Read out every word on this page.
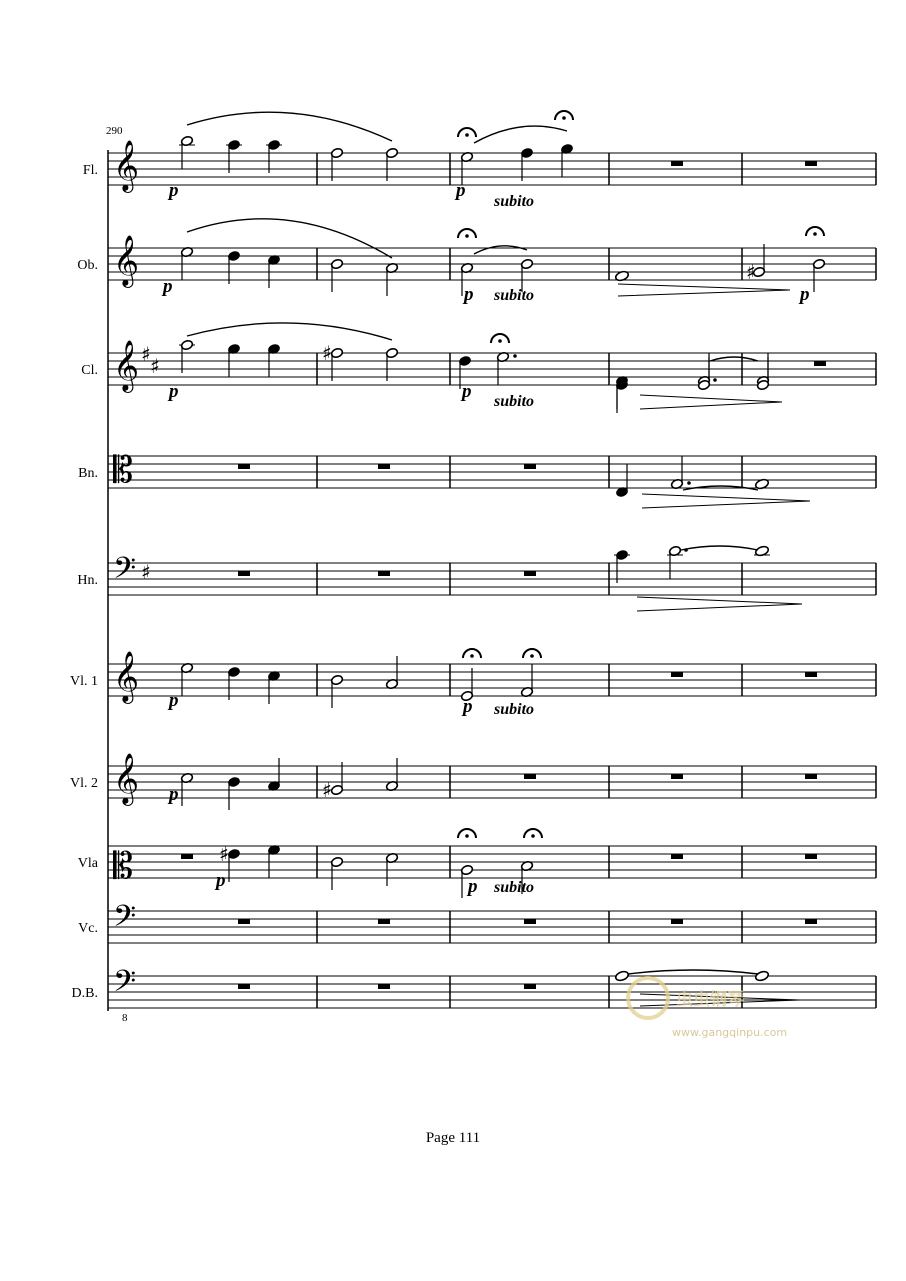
290
Fl. 𝄞
Ob. 𝄞
Cl. 𝄞 ♯ ♯
Bn. 𝄡
Hn. 𝄢 ♯
Vl. 1 𝄞
Vl. 2 𝄞
Vla 𝄡
Vc. 𝄢
D.B. 𝄢
8
p	p
subito
♯
p	p subito	p
♯
p	p subito
p	p subito
♯
p
♯
p	p subito
虫虫钢琴
www.gangqinpu.com
Page 111
